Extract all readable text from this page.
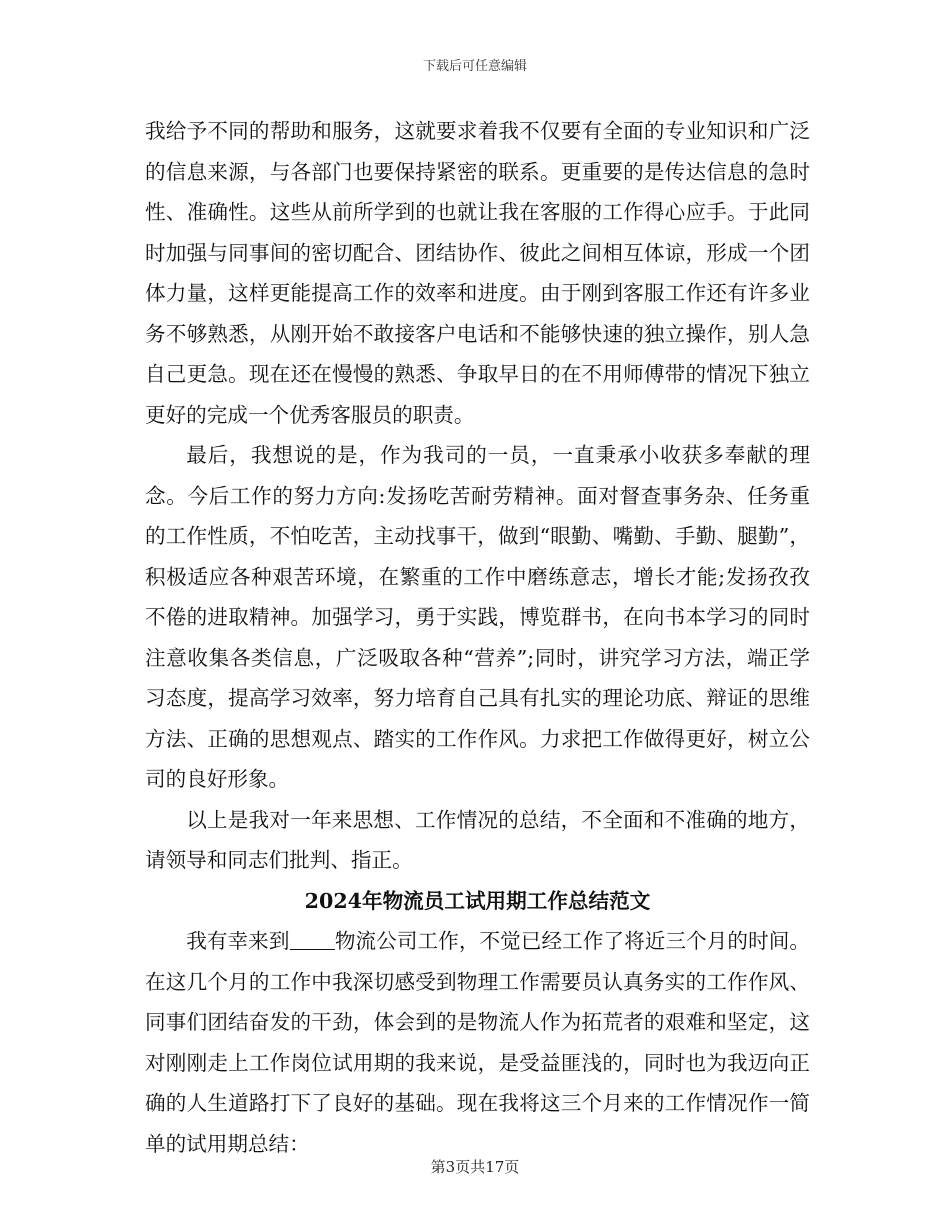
下载后可任意编辑

我给予不同的帮助和服务，这就要求着我不仅要有全面的专业知识和广泛的信息来源，与各部门也要保持紧密的联系。更重要的是传达信息的急时性、准确性。这些从前所学到的也就让我在客服的工作得心应手。于此同时加强与同事间的密切配合、团结协作、彼此之间相互体谅，形成一个团体力量，这样更能提高工作的效率和进度。由于刚到客服工作还有许多业务不够熟悉，从刚开始不敢接客户电话和不能够快速的独立操作，别人急自己更急。现在还在慢慢的熟悉、争取早日的在不用师傅带的情况下独立更好的完成一个优秀客服员的职责。

最后，我想说的是，作为我司的一员，一直秉承小收获多奉献的理念。今后工作的努力方向:发扬吃苦耐劳精神。面对督查事务杂、任务重的工作性质，不怕吃苦，主动找事干，做到“眼勤、嘴勤、手勤、腿勤”，积极适应各种艰苦环境，在繁重的工作中磨练意志，增长才能;发扬孜孜不倦的进取精神。加强学习，勇于实践，博览群书，在向书本学习的同时注意收集各类信息，广泛吸取各种“营养”;同时，讲究学习方法，端正学习态度，提高学习效率，努力培育自己具有扎实的理论功底、辩证的思维方法、正确的思想观点、踏实的工作作风。力求把工作做得更好，树立公司的良好形象。

以上是我对一年来思想、工作情况的总结，不全面和不准确的地方，请领导和同志们批判、指正。

2024年物流员工试用期工作总结范文

我有幸来到 物流公司工作，不觉已经工作了将近三个月的时间。在这几个月的工作中我深切感受到物理工作需要员认真务实的工作作风、同事们团结奋发的干劲，体会到的是物流人作为拓荒者的艰难和坚定，这对刚刚走上工作岗位试用期的我来说，是受益匪浅的，同时也为我迈向正确的人生道路打下了良好的基础。现在我将这三个月来的工作情况作一简单的试用期总结：

第3页共17页
